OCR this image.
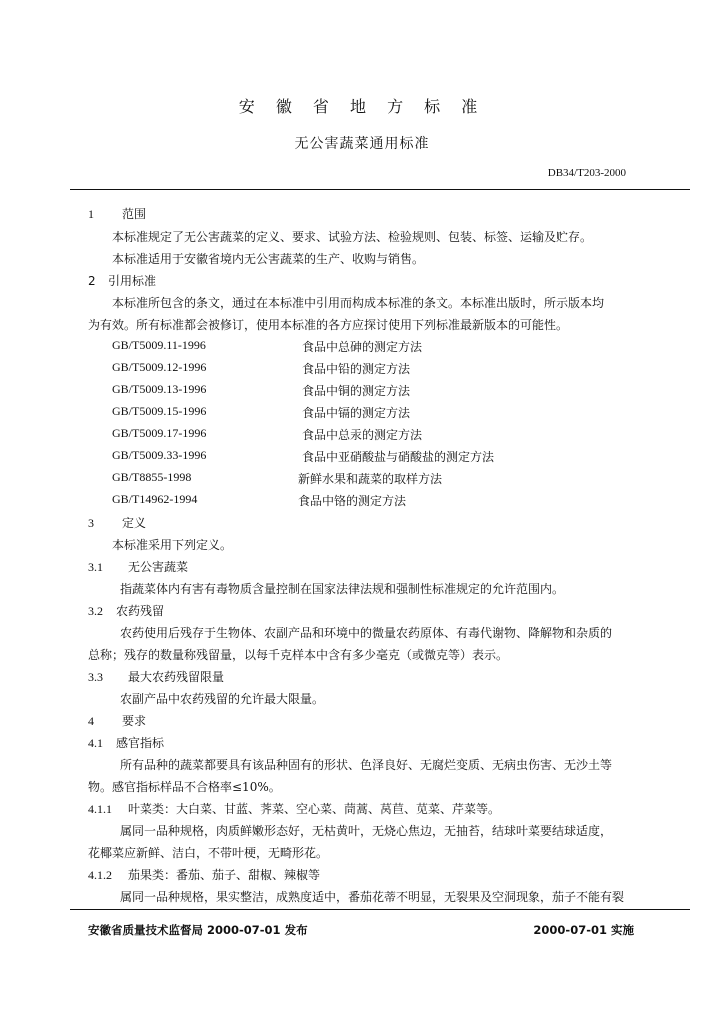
安 徽 省 地 方 标 准
无公害蔬菜通用标准
DB34/T203-2000
1 范围
本标准规定了无公害蔬菜的定义、要求、试验方法、检验规则、包装、标签、运输及贮存。
本标准适用于安徽省境内无公害蔬菜的生产、收购与销售。
2 引用标准
本标准所包含的条文，通过在本标准中引用而构成本标准的条文。本标准出版时，所示版本均
为有效。所有标准都会被修订，使用本标准的各方应探讨使用下列标准最新版本的可能性。
GB/T5009.11-1996	食品中总砷的测定方法
GB/T5009.12-1996	食品中铅的测定方法
GB/T5009.13-1996	食品中铜的测定方法
GB/T5009.15-1996	食品中镉的测定方法
GB/T5009.17-1996	食品中总汞的测定方法
GB/T5009.33-1996	食品中亚硝酸盐与硝酸盐的测定方法
GB/T8855-1998	新鲜水果和蔬菜的取样方法
GB/T14962-1994	食品中铬的测定方法
3 定义
本标准采用下列定义。
3.1 无公害蔬菜
指蔬菜体内有害有毒物质含量控制在国家法律法规和强制性标准规定的允许范围内。
3.2 农药残留
农药使用后残存于生物体、农副产品和环境中的微量农药原体、有毒代谢物、降解物和杂质的
总称；残存的数量称残留量，以每千克样本中含有多少毫克（或微克等）表示。
3.3 最大农药残留限量
农副产品中农药残留的允许最大限量。
4 要求
4.1 感官指标
所有品种的蔬菜都要具有该品种固有的形状、色泽良好、无腐烂变质、无病虫伤害、无沙土等
物。感官指标样品不合格率≤10%。
4.1.1 叶菜类：大白菜、甘蓝、荠菜、空心菜、茼蒿、莴苣、苋菜、芹菜等。
属同一品种规格，肉质鲜嫩形态好，无枯黄叶，无烧心焦边，无抽苔，结球叶菜要结球适度，
花椰菜应新鲜、洁白，不带叶梗，无畸形花。
4.1.2 茄果类：番茄、茄子、甜椒、辣椒等
属同一品种规格，果实整洁，成熟度适中，番茄花蒂不明显，无裂果及空洞现象，茄子不能有裂
安徽省质量技术监督局 2000-07-01 发布	2000-07-01 实施
